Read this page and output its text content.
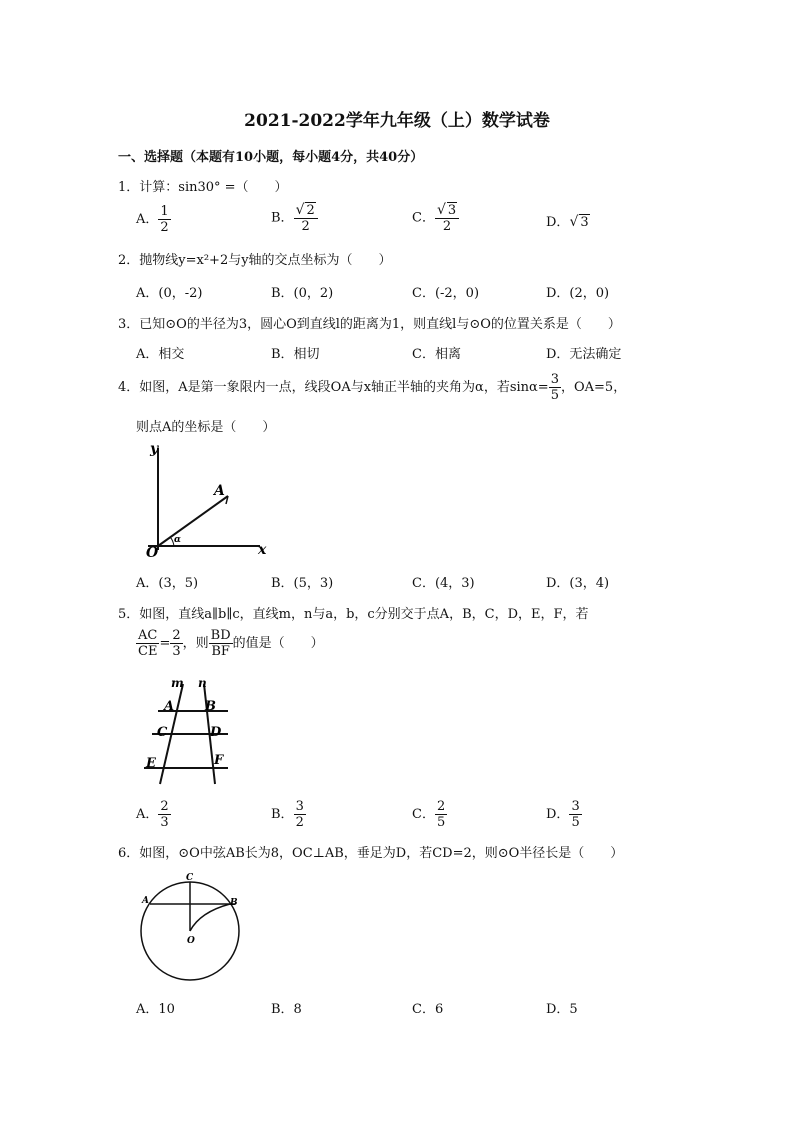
2021-2022学年九年级（上）数学试卷
一、选择题（本题有10小题，每小题4分，共40分）
1．计算：sin30° =（　　）
A． $\frac{1}{2}$	B． $\frac{√ 2}{2}$	C． $\frac{√ 3}{2}$	D．√ 3
2．抛物线y=x²+2与y轴的交点坐标为（　　）
A．(0，-2)	B．(0，2)	C．(-2，0)	D．(2，0)
3．已知⊙O的半径为3，圆心O到直线l的距离为1，则直线l与⊙O的位置关系是（　　）
A．相交	B．相切	C．相离	D．无法确定
4．如图，A是第一象限内一点，线段OA与x轴正半轴的夹角为α，若$\sin\alpha= \frac{3}{5}$ ，OA=5，
则点A的坐标是（　　）
y
x
O
A
α
A．(3，5)	B．(5，3)	C．(4，3)	D．(3，4)
5．如图，直线a∥b∥c，直线m，n与a，b，c分别交于点A，B，C，D，E，F，若
$\frac{AC}{CE} = \frac{2}{3}$ ，则 $\frac{BD}{BF}$ 的值是（　　）
m n
A B
C	D
E	F
A． $\frac{2}{3}$	B． $\frac{3}{2}$	C． $\frac{2}{5}$	D． $\frac{3}{5}$
6．如图，⊙O中弦AB长为8，OC⊥AB，垂足为D，若CD=2，则⊙O半径长是（　　）
C
A	B
O
A．10	B．8	C．6	D．5
